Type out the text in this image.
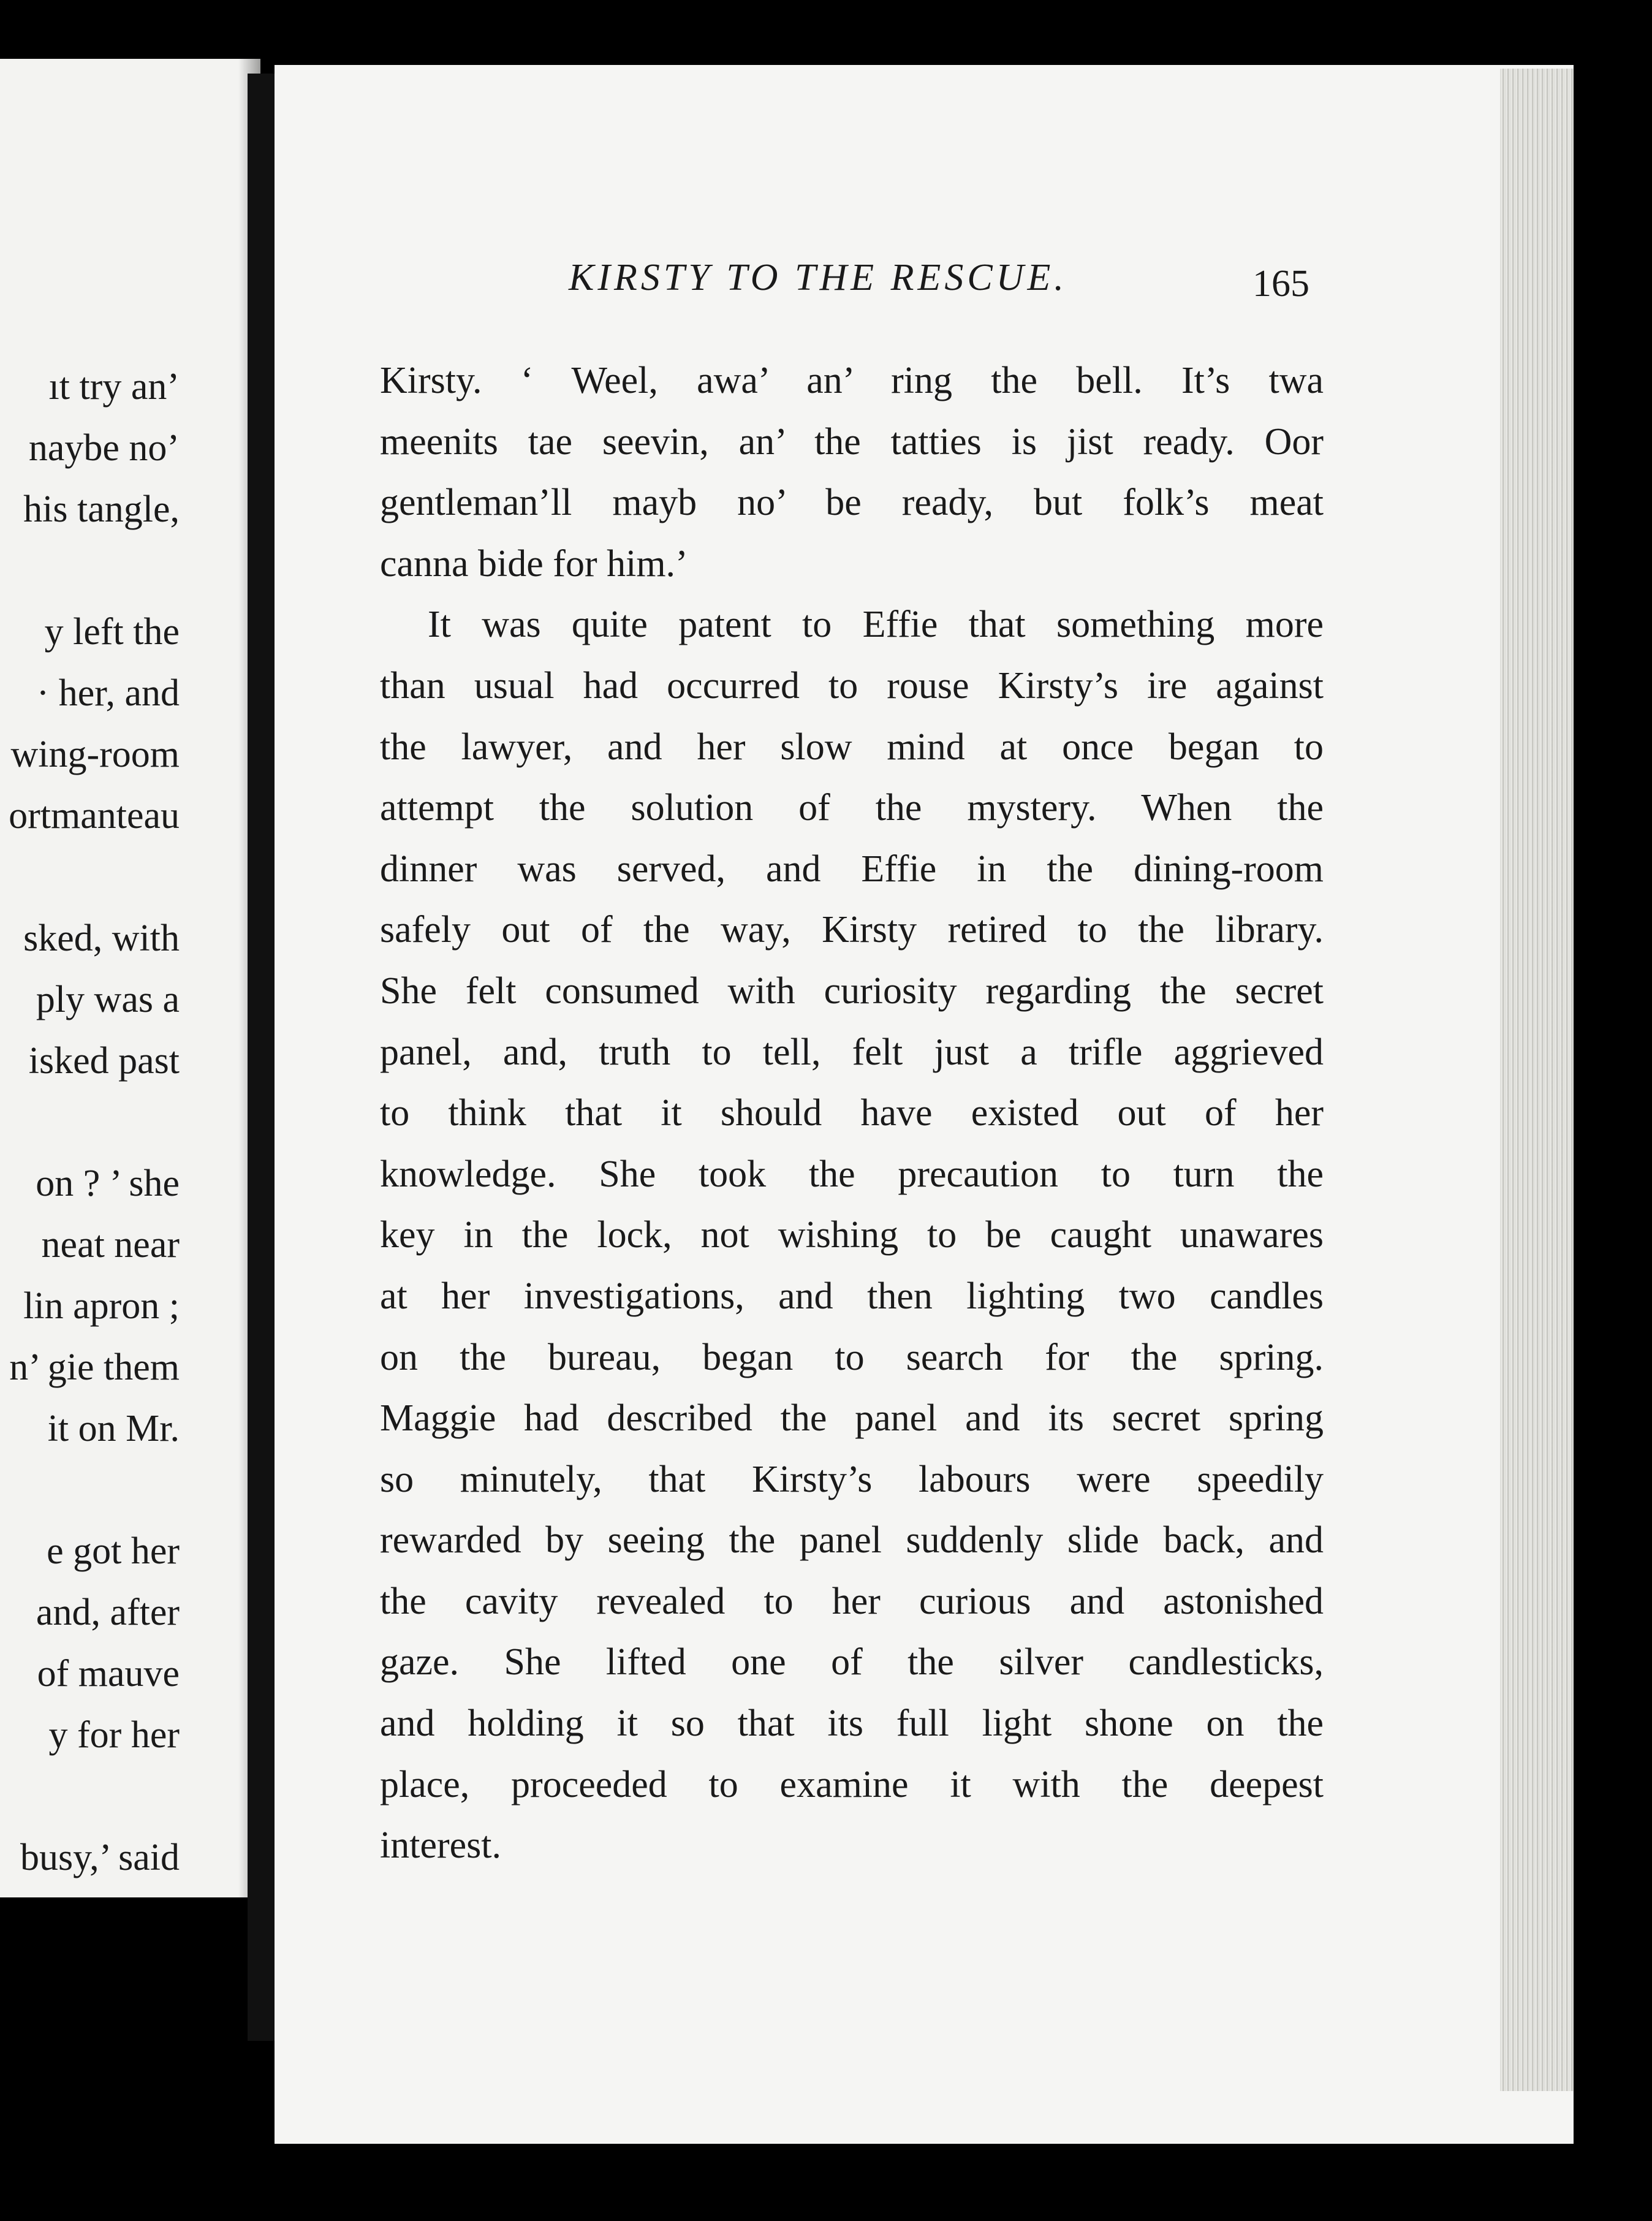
ıt try an’
naybe no’
his tangle,
y left the
· her, and
wing-room
ortmanteau
sked, with
ply was a
isked past
on ? ’ she
neat near
lin apron ;
n’ gie them
it on Mr.
e got her
and, after
of mauve
y for her
busy,’ said
KIRSTY TO THE RESCUE.	165
Kirsty. ‘ Weel, awa’ an’ ring the bell. It’s twa
meenits tae seevin, an’ the tatties is jist ready. Oor
gentleman’ll mayb no’ be ready, but folk’s meat
canna bide for him.’
It was quite patent to Effie that something more
than usual had occurred to rouse Kirsty’s ire against
the lawyer, and her slow mind at once began to
attempt the solution of the mystery. When the
dinner was served, and Effie in the dining-room
safely out of the way, Kirsty retired to the library.
She felt consumed with curiosity regarding the secret
panel, and, truth to tell, felt just a trifle aggrieved
to think that it should have existed out of her
knowledge. She took the precaution to turn the
key in the lock, not wishing to be caught unawares
at her investigations, and then lighting two candles
on the bureau, began to search for the spring.
Maggie had described the panel and its secret spring
so minutely, that Kirsty’s labours were speedily
rewarded by seeing the panel suddenly slide back, and
the cavity revealed to her curious and astonished
gaze. She lifted one of the silver candlesticks,
and holding it so that its full light shone on the
place, proceeded to examine it with the deepest
interest.
